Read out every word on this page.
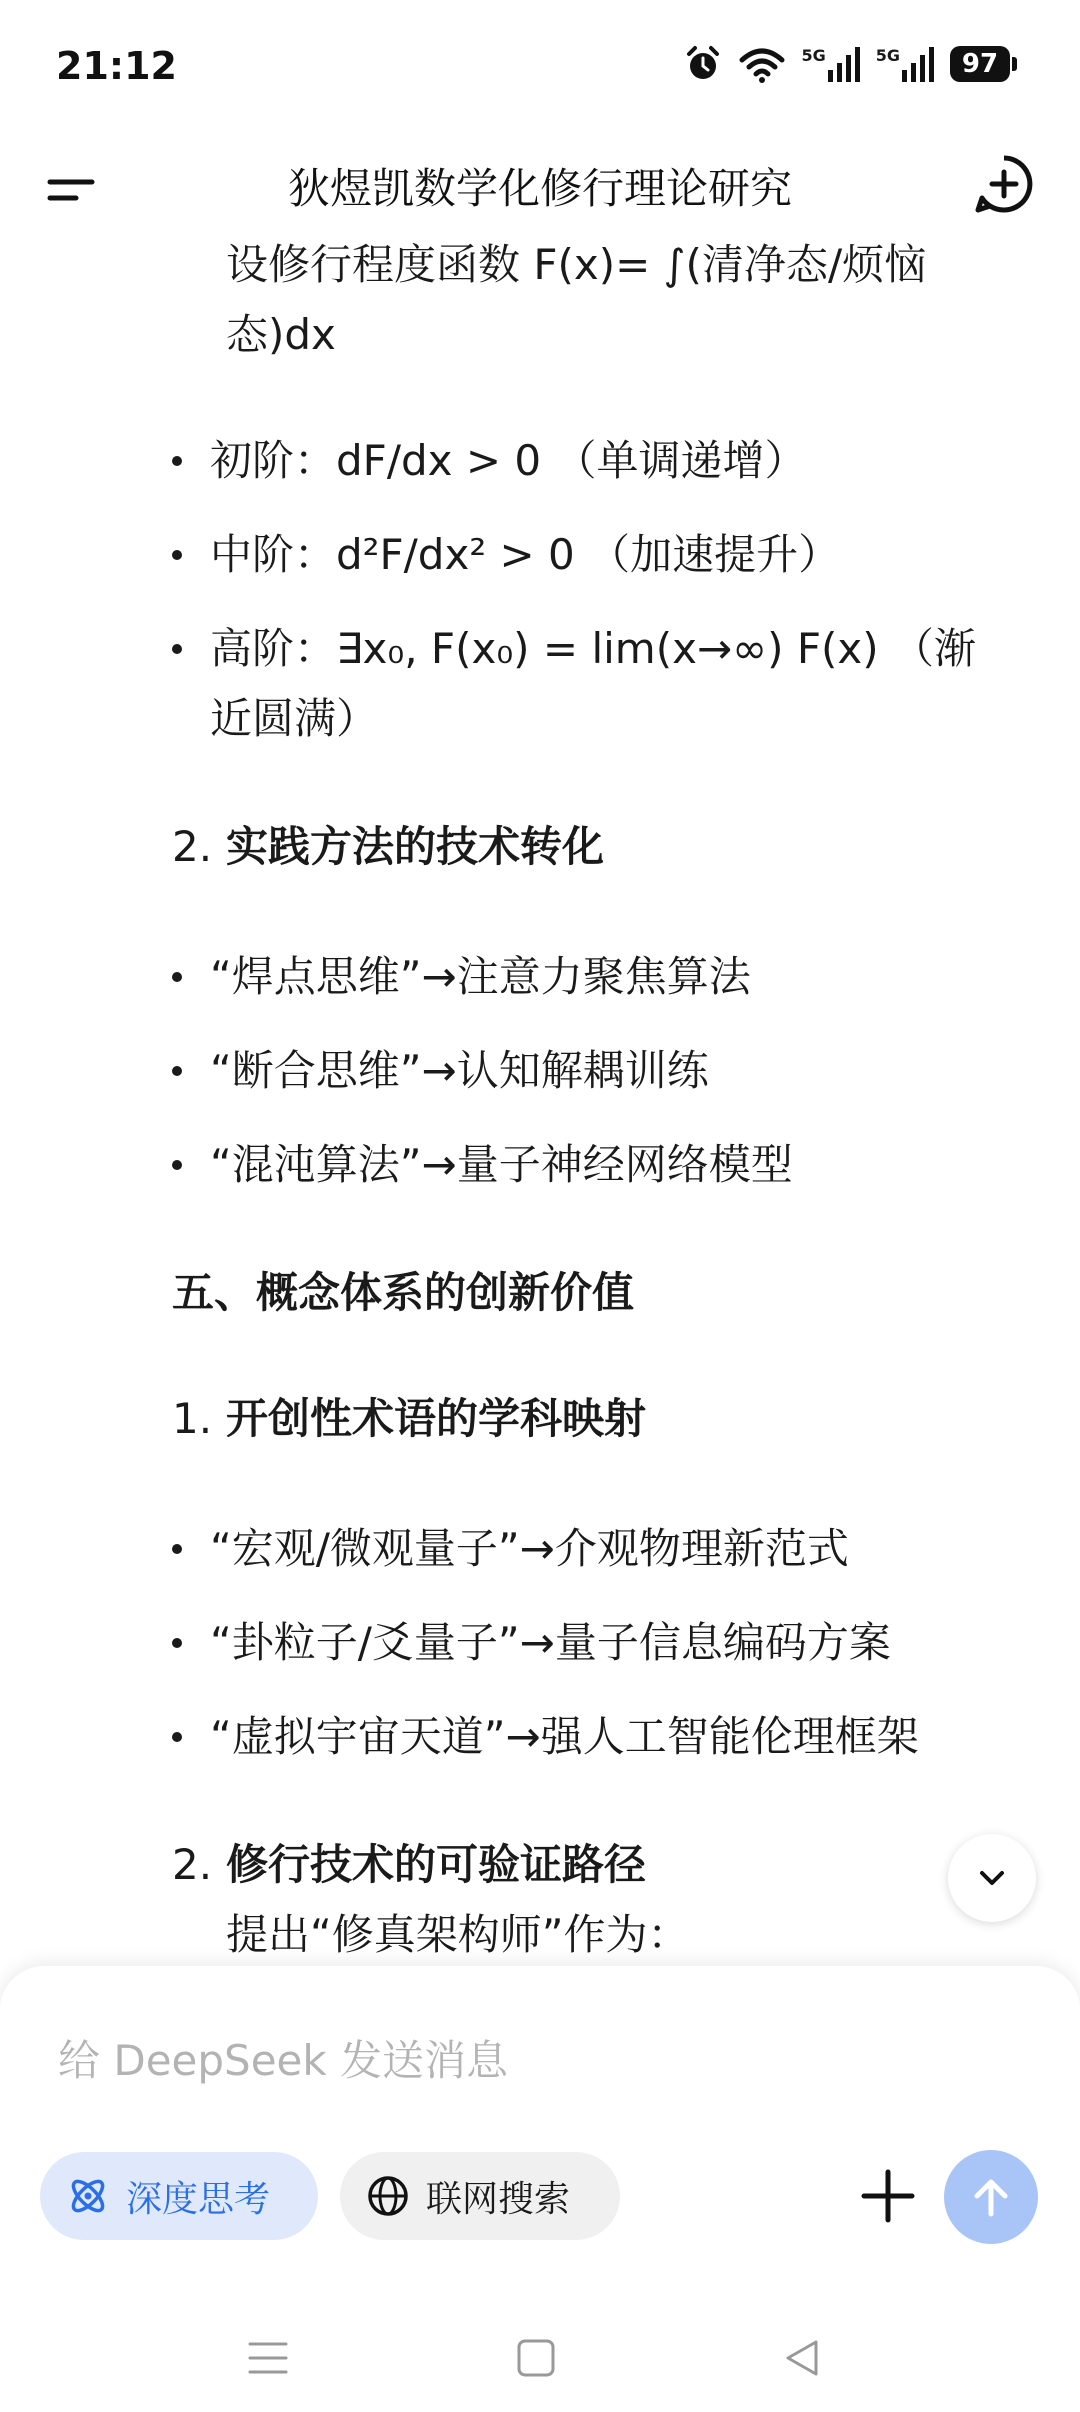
21:12	5G	5G	97
狄煜凯数学化修行理论研究
设修行程度函数 F(x)= ∫(清净态/烦恼
态)dx
初阶：dF/dx > 0 （单调递增）
中阶：d²F/dx² > 0 （加速提升）
高阶：∃x₀, F(x₀) = lim(x→∞) F(x) （渐
近圆满）
2. 实践方法的技术转化
“焊点思维”→注意力聚焦算法
“断合思维”→认知解耦训练
“混沌算法”→量子神经网络模型
五、概念体系的创新价值
1. 开创性术语的学科映射
“宏观/微观量子”→介观物理新范式
“卦粒子/爻量子”→量子信息编码方案
“虚拟宇宙天道”→强人工智能伦理框架
2. 修行技术的可验证路径
提出“修真架构师”作为：
给 DeepSeek 发送消息
深度思考	联网搜索
